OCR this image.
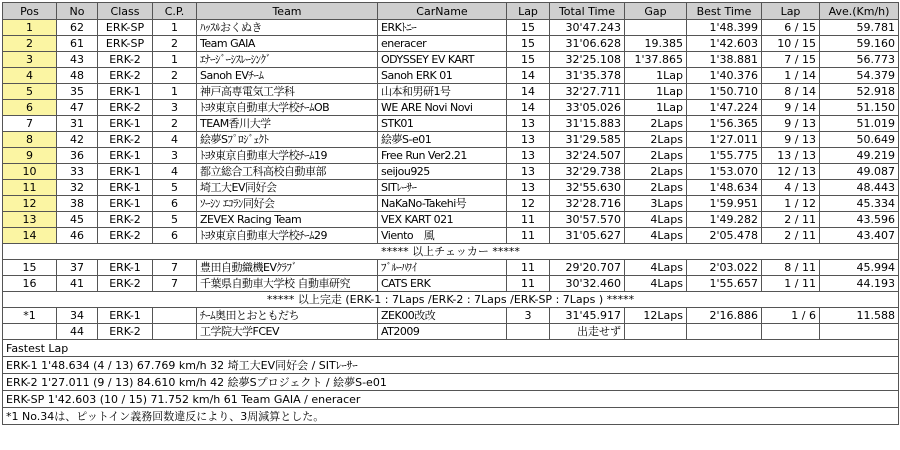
Pos	No	Class	C.P.	Team	CarName	Lap	Total Time	Gap	Best Time	Lap	Ave.(Km/h)
1	62	ERK-SP	1	ﾊｯｽﾙおくぬき	ERKﾄﾆｰ	15	30'47.243		1'48.399	6 / 15	59.781
2	61	ERK-SP	2	Team GAIA	eneracer	15	31'06.628	19.385	1'42.603	10 / 15	59.160
3	43	ERK-2	1	ｴﾅｰｼﾞｰｼｽﾚｰｼﾝｸﾞ	ODYSSEY EV KART	15	32'25.108	1'37.865	1'38.881	7 / 15	56.773
4	48	ERK-2	2	Sanoh EVﾁｰﾑ	Sanoh ERK 01	14	31'35.378	1Lap	1'40.376	1 / 14	54.379
5	35	ERK-1	1	神戸高専電気工学科	山本和男研1号	14	32'27.711	1Lap	1'50.710	8 / 14	52.918
6	47	ERK-2	3	ﾄﾖﾀ東京自動車大学校ﾁｰﾑOB	WE ARE Novi Novi	14	33'05.026	1Lap	1'47.224	9 / 14	51.150
7	31	ERK-1	2	TEAM香川大学	STK01	13	31'15.883	2Laps	1'56.365	9 / 13	51.019
8	42	ERK-2	4	絵夢Sﾌﾟﾛｼﾞｪｸﾄ	絵夢S-e01	13	31'29.585	2Laps	1'27.011	9 / 13	50.649
9	36	ERK-1	3	ﾄﾖﾀ東京自動車大学校ﾁｰﾑ19	Free Run Ver2.21	13	32'24.507	2Laps	1'55.775	13 / 13	49.219
10	33	ERK-1	4	都立総合工科高校自動車部	seijou925	13	32'29.738	2Laps	1'53.070	12 / 13	49.087
11	32	ERK-1	5	埼工大EV同好会	SITﾚｰｻｰ	13	32'55.630	2Laps	1'48.634	4 / 13	48.443
12	38	ERK-1	6	ｿｰｼﾝ ｴｺﾗﾝ同好会	NaKaNo-Takehi号	12	32'28.716	3Laps	1'59.951	1 / 12	45.334
13	45	ERK-2	5	ZEVEX Racing Team	VEX KART 021	11	30'57.570	4Laps	1'49.282	2 / 11	43.596
14	46	ERK-2	6	ﾄﾖﾀ東京自動車大学校ﾁｰﾑ29	Viento　風	11	31'05.627	4Laps	2'05.478	2 / 11	43.407
***** 以上チェッカー *****											
15	37	ERK-1	7	豊田自動織機EVｸﾗﾌﾞ	ﾌﾞﾙｰﾊﾜｲ	11	29'20.707	4Laps	2'03.022	8 / 11	45.994
16	41	ERK-2	7	千葉県自動車大学校 自動車研究	CATS ERK	11	30'32.460	4Laps	1'55.657	1 / 11	44.193
***** 以上完走 (ERK-1 : 7Laps /ERK-2 : 7Laps /ERK-SP : 7Laps ) *****											
*1	34	ERK-1		ﾁｰﾑ奥田とおともだち	ZEK00改改	3	31'45.917	12Laps	2'16.886	1 / 6	11.588
	44	ERK-2		工学院大学FCEV	AT2009		出走せず				
Fastest Lap											
ERK-1 1'48.634 (4 / 13) 67.769 km/h 32 埼工大EV同好会 / SITﾚｰｻｰ											
ERK-2 1'27.011 (9 / 13) 84.610 km/h 42 絵夢Sプロジェクト / 絵夢S-e01											
ERK-SP 1'42.603 (10 / 15) 71.752 km/h 61 Team GAIA / eneracer											
*1 No.34は、ピットイン義務回数違反により、3周減算とした。											
